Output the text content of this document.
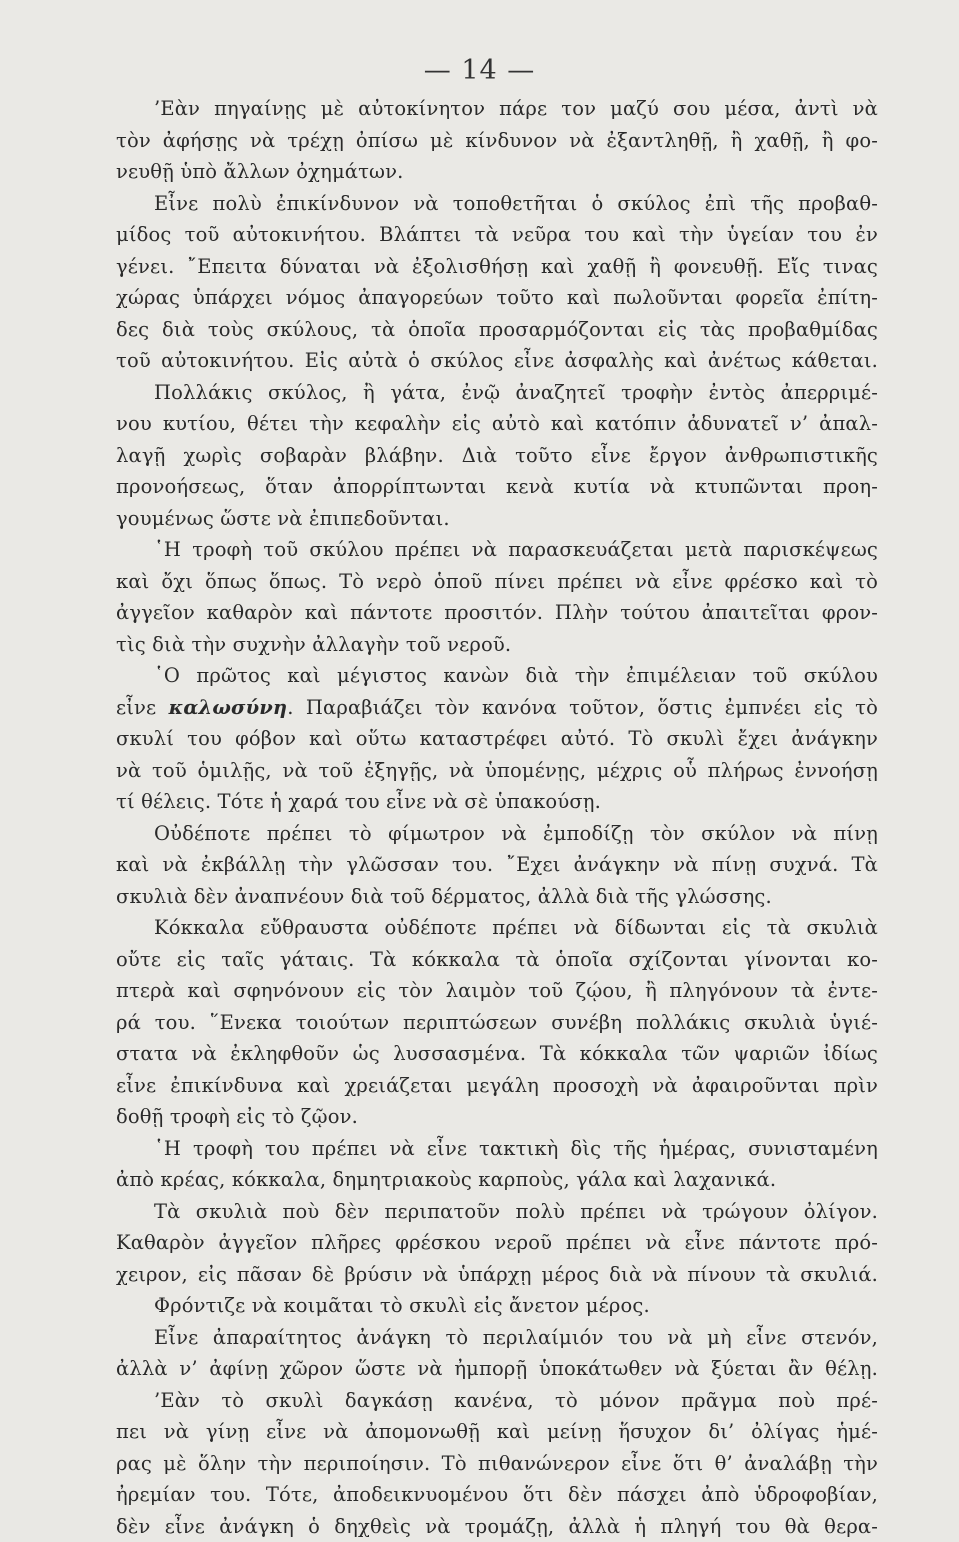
— 14 —
’Εὰν πηγαίνῃς μὲ αὐτοκίνητον πάρε τον μαζύ σου μέσα, ἀντὶ νὰ
τὸν ἀφήσῃς νὰ τρέχῃ ὀπίσω μὲ κίνδυνον νὰ ἐξαντληθῇ, ἢ χαθῇ, ἢ φο-
νευθῇ ὑπὸ ἄλλων ὀχημάτων.
Εἶνε πολὺ ἐπικίνδυνον νὰ τοποθετῆται ὁ σκύλος ἐπὶ τῆς προβαθ-
μίδος τοῦ αὐτοκινήτου. Βλάπτει τὰ νεῦρα του καὶ τὴν ὑγείαν του ἐν
γένει. ῎Επειτα δύναται νὰ ἐξολισθήσῃ καὶ χαθῇ ἢ φονευθῇ. Εἴς τινας
χώρας ὑπάρχει νόμος ἀπαγορεύων τοῦτο καὶ πωλοῦνται φορεῖα ἐπίτη-
δες διὰ τοὺς σκύλους, τὰ ὁποῖα προσαρμόζονται εἰς τὰς προβαθμίδας
τοῦ αὐτοκινήτου. Εἰς αὐτὰ ὁ σκύλος εἶνε ἀσφαλὴς καὶ ἀνέτως κάθεται.
Πολλάκις σκύλος, ἢ γάτα, ἐνῷ ἀναζητεῖ τροφὴν ἐντὸς ἀπερριμέ-
νου κυτίου, θέτει τὴν κεφαλὴν εἰς αὐτὸ καὶ κατόπιν ἀδυνατεῖ ν’ ἀπαλ-
λαγῇ χωρὶς σοβαρὰν βλάβην. Διὰ τοῦτο εἶνε ἔργον ἀνθρωπιστικῆς
προνοήσεως, ὅταν ἀπορρίπτωνται κενὰ κυτία νὰ κτυπῶνται προη-
γουμένως ὥστε νὰ ἐπιπεδοῦνται.
῾Η τροφὴ τοῦ σκύλου πρέπει νὰ παρασκευάζεται μετὰ παρισκέψεως
καὶ ὄχι ὅπως ὅπως. Τὸ νερὸ ὁποῦ πίνει πρέπει νὰ εἶνε φρέσκο καὶ τὸ
ἀγγεῖον καθαρὸν καὶ πάντοτε προσιτόν. Πλὴν τούτου ἀπαιτεῖται φρον-
τὶς διὰ τὴν συχνὴν ἀλλαγὴν τοῦ νεροῦ.
῾Ο πρῶτος καὶ μέγιστος κανὼν διὰ τὴν ἐπιμέλειαν τοῦ σκύλου
εἶνε καλωσύνη. Παραβιάζει τὸν κανόνα τοῦτον, ὅστις ἐμπνέει εἰς τὸ
σκυλί του φόβον καὶ οὕτω καταστρέφει αὐτό. Τὸ σκυλὶ ἔχει ἀνάγκην
νὰ τοῦ ὁμιλῇς, νὰ τοῦ ἐξηγῇς, νὰ ὑπομένῃς, μέχρις οὗ πλήρως ἐννοήσῃ
τί θέλεις. Τότε ἡ χαρά του εἶνε νὰ σὲ ὑπακούσῃ.
Οὐδέποτε πρέπει τὸ φίμωτρον νὰ ἐμποδίζῃ τὸν σκύλον νὰ πίνῃ
καὶ νὰ ἐκβάλλῃ τὴν γλῶσσαν του. ῎Εχει ἀνάγκην νὰ πίνῃ συχνά. Τὰ
σκυλιὰ δὲν ἀναπνέουν διὰ τοῦ δέρματος, ἀλλὰ διὰ τῆς γλώσσης.
Κόκκαλα εὔθραυστα οὐδέποτε πρέπει νὰ δίδωνται εἰς τὰ σκυλιὰ
οὔτε εἰς ταῖς γάταις. Τὰ κόκκαλα τὰ ὁποῖα σχίζονται γίνονται κο-
πτερὰ καὶ σφηνόνουν εἰς τὸν λαιμὸν τοῦ ζῴου, ἢ πληγόνουν τὰ ἐντε-
ρά του. ῞Ενεκα τοιούτων περιπτώσεων συνέβη πολλάκις σκυλιὰ ὑγιέ-
στατα νὰ ἐκληφθοῦν ὡς λυσσασμένα. Τὰ κόκκαλα τῶν ψαριῶν ἰδίως
εἶνε ἐπικίνδυνα καὶ χρειάζεται μεγάλη προσοχὴ νὰ ἀφαιροῦνται πρὶν
δοθῇ τροφὴ εἰς τὸ ζῷον.
῾Η τροφὴ του πρέπει νὰ εἶνε τακτικὴ δὶς τῆς ἡμέρας, συνισταμένη
ἀπὸ κρέας, κόκκαλα, δημητριακοὺς καρποὺς, γάλα καὶ λαχανικά.
Τὰ σκυλιὰ ποὺ δὲν περιπατοῦν πολὺ πρέπει νὰ τρώγουν ὀλίγον.
Καθαρὸν ἀγγεῖον πλῆρες φρέσκου νεροῦ πρέπει νὰ εἶνε πάντοτε πρό-
χειρον, εἰς πᾶσαν δὲ βρύσιν νὰ ὑπάρχῃ μέρος διὰ νὰ πίνουν τὰ σκυλιά.
Φρόντιζε νὰ κοιμᾶται τὸ σκυλὶ εἰς ἄνετον μέρος.
Εἶνε ἀπαραίτητος ἀνάγκη τὸ περιλαίμιόν του νὰ μὴ εἶνε στενόν,
ἀλλὰ ν’ ἀφίνῃ χῶρον ὥστε νὰ ἠμπορῇ ὑποκάτωθεν νὰ ξύεται ἂν θέλῃ.
’Εὰν τὸ σκυλὶ δαγκάσῃ κανένα, τὸ μόνον πρᾶγμα ποὺ πρέ-
πει νὰ γίνῃ εἶνε νὰ ἀπομονωθῇ καὶ μείνῃ ἥσυχον δι’ ὀλίγας ἡμέ-
ρας μὲ ὅλην τὴν περιποίησιν. Τὸ πιθανώνερον εἶνε ὅτι θ’ ἀναλάβῃ τὴν
ἠρεμίαν του. Τότε, ἀποδεικνυομένου ὅτι δὲν πάσχει ἀπὸ ὑδροφοβίαν,
δὲν εἶνε ἀνάγκη ὁ δηχθεὶς νὰ τρομάζῃ, ἀλλὰ ἡ πληγή του θὰ θερα-
